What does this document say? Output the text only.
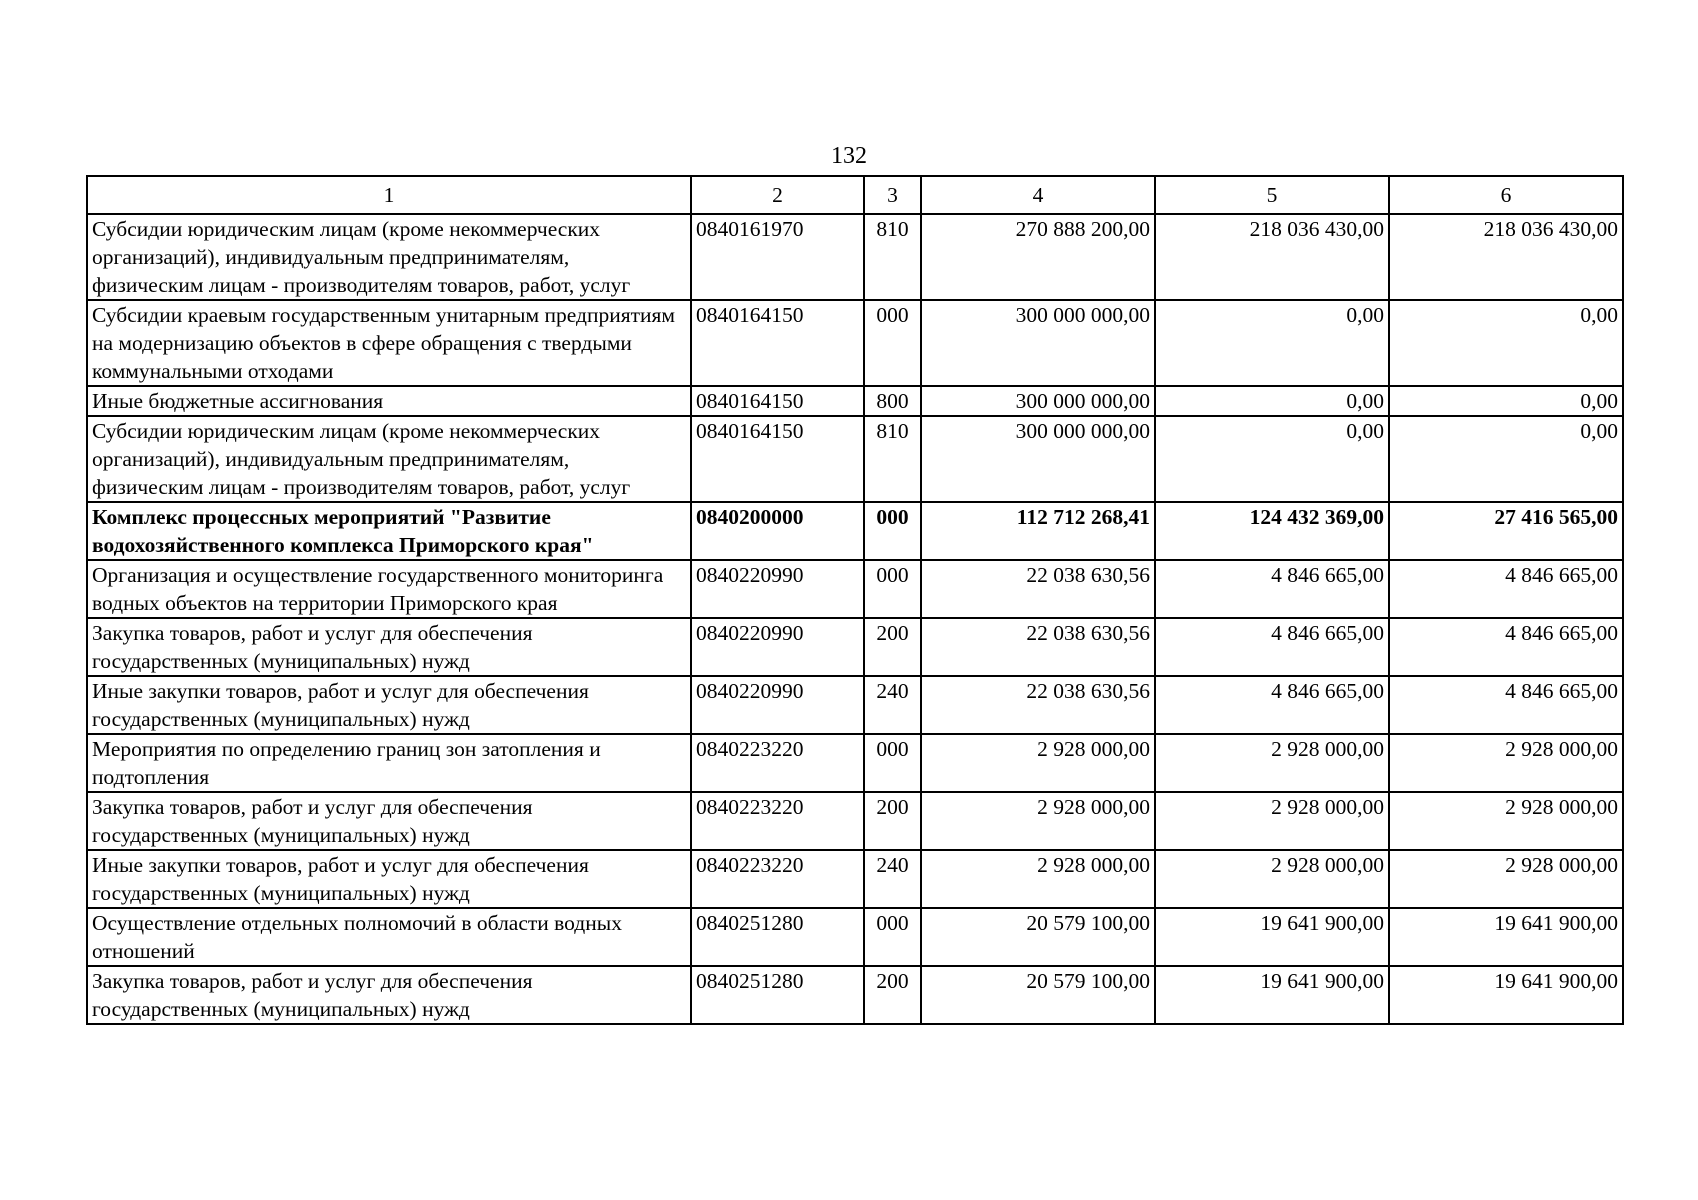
132
1	2	3	4	5	6
Субсидии юридическим лицам (кроме некоммерческих организаций), индивидуальным предпринимателям, физическим лицам - производителям товаров, работ, услуг	0840161970	810	270 888 200,00	218 036 430,00	218 036 430,00
Субсидии краевым государственным унитарным предприятиям на модернизацию объектов в сфере обращения с твердыми коммунальными отходами	0840164150	000	300 000 000,00	0,00	0,00
Иные бюджетные ассигнования	0840164150	800	300 000 000,00	0,00	0,00
Субсидии юридическим лицам (кроме некоммерческих организаций), индивидуальным предпринимателям, физическим лицам - производителям товаров, работ, услуг	0840164150	810	300 000 000,00	0,00	0,00
Комплекс процессных мероприятий "Развитие водохозяйственного комплекса Приморского края"	0840200000	000	112 712 268,41	124 432 369,00	27 416 565,00
Организация и осуществление государственного мониторинга водных объектов на территории Приморского края	0840220990	000	22 038 630,56	4 846 665,00	4 846 665,00
Закупка товаров, работ и услуг для обеспечения государственных (муниципальных) нужд	0840220990	200	22 038 630,56	4 846 665,00	4 846 665,00
Иные закупки товаров, работ и услуг для обеспечения государственных (муниципальных) нужд	0840220990	240	22 038 630,56	4 846 665,00	4 846 665,00
Мероприятия по определению границ зон затопления и подтопления	0840223220	000	2 928 000,00	2 928 000,00	2 928 000,00
Закупка товаров, работ и услуг для обеспечения государственных (муниципальных) нужд	0840223220	200	2 928 000,00	2 928 000,00	2 928 000,00
Иные закупки товаров, работ и услуг для обеспечения государственных (муниципальных) нужд	0840223220	240	2 928 000,00	2 928 000,00	2 928 000,00
Осуществление отдельных полномочий в области водных отношений	0840251280	000	20 579 100,00	19 641 900,00	19 641 900,00
Закупка товаров, работ и услуг для обеспечения государственных (муниципальных) нужд	0840251280	200	20 579 100,00	19 641 900,00	19 641 900,00
